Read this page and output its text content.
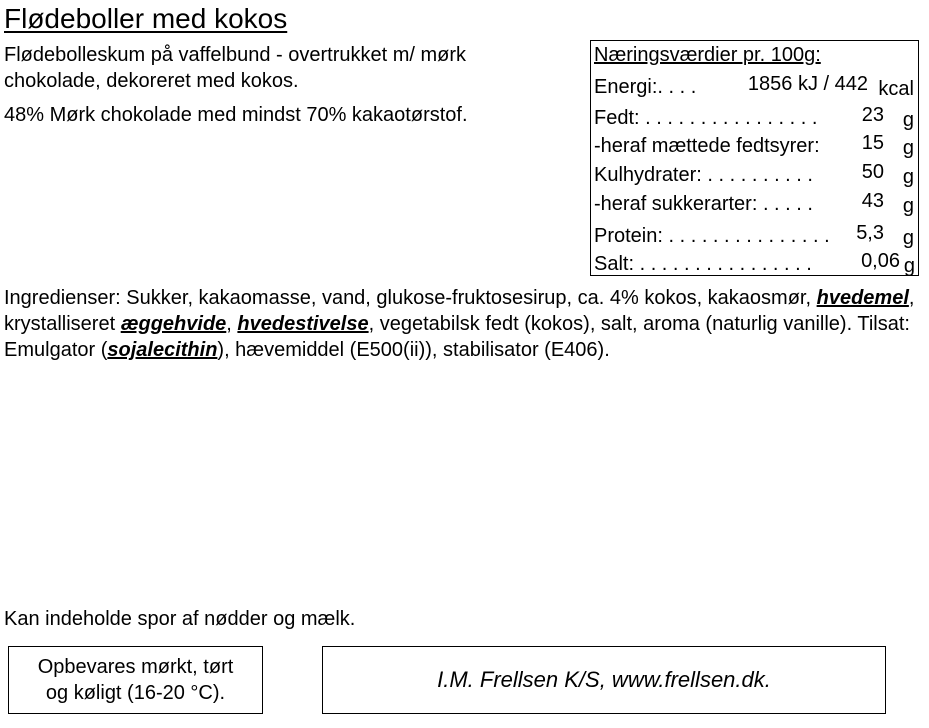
Flødeboller med kokos
Flødebolleskum på vaffelbund - overtrukket m/ mørk
chokolade, dekoreret med kokos.
48% Mørk chokolade med mindst 70% kakaotørstof.
Næringsværdier pr. 100g:
Energi:. . . .	1856 kJ / 442 kcal
Fedt: . . . . . . . . . . . . . . . . 23 g
-heraf mættede fedtsyrer: 15 g
Kulhydrater: . . . . . . . . . . 50 g
-heraf sukkerarter: . . . . . 43 g
Protein: . . . . . . . . . . . . . . . 5,3 g
Salt: . . . . . . . . . . . . . . . . 0,06 g
Ingredienser: Sukker, kakaomasse, vand, glukose-fruktosesirup, ca. 4% kokos, kakaosmør, hvedemel, krystalliseret æggehvide, hvedestivelse, vegetabilsk fedt (kokos), salt, aroma (naturlig vanille). Tilsat: Emulgator (sojalecithin), hævemiddel (E500(ii)), stabilisator (E406).
Kan indeholde spor af nødder og mælk.
Opbevares mørkt, tørt
og køligt (16-20 °C).
I.M. Frellsen K/S, www.frellsen.dk.
